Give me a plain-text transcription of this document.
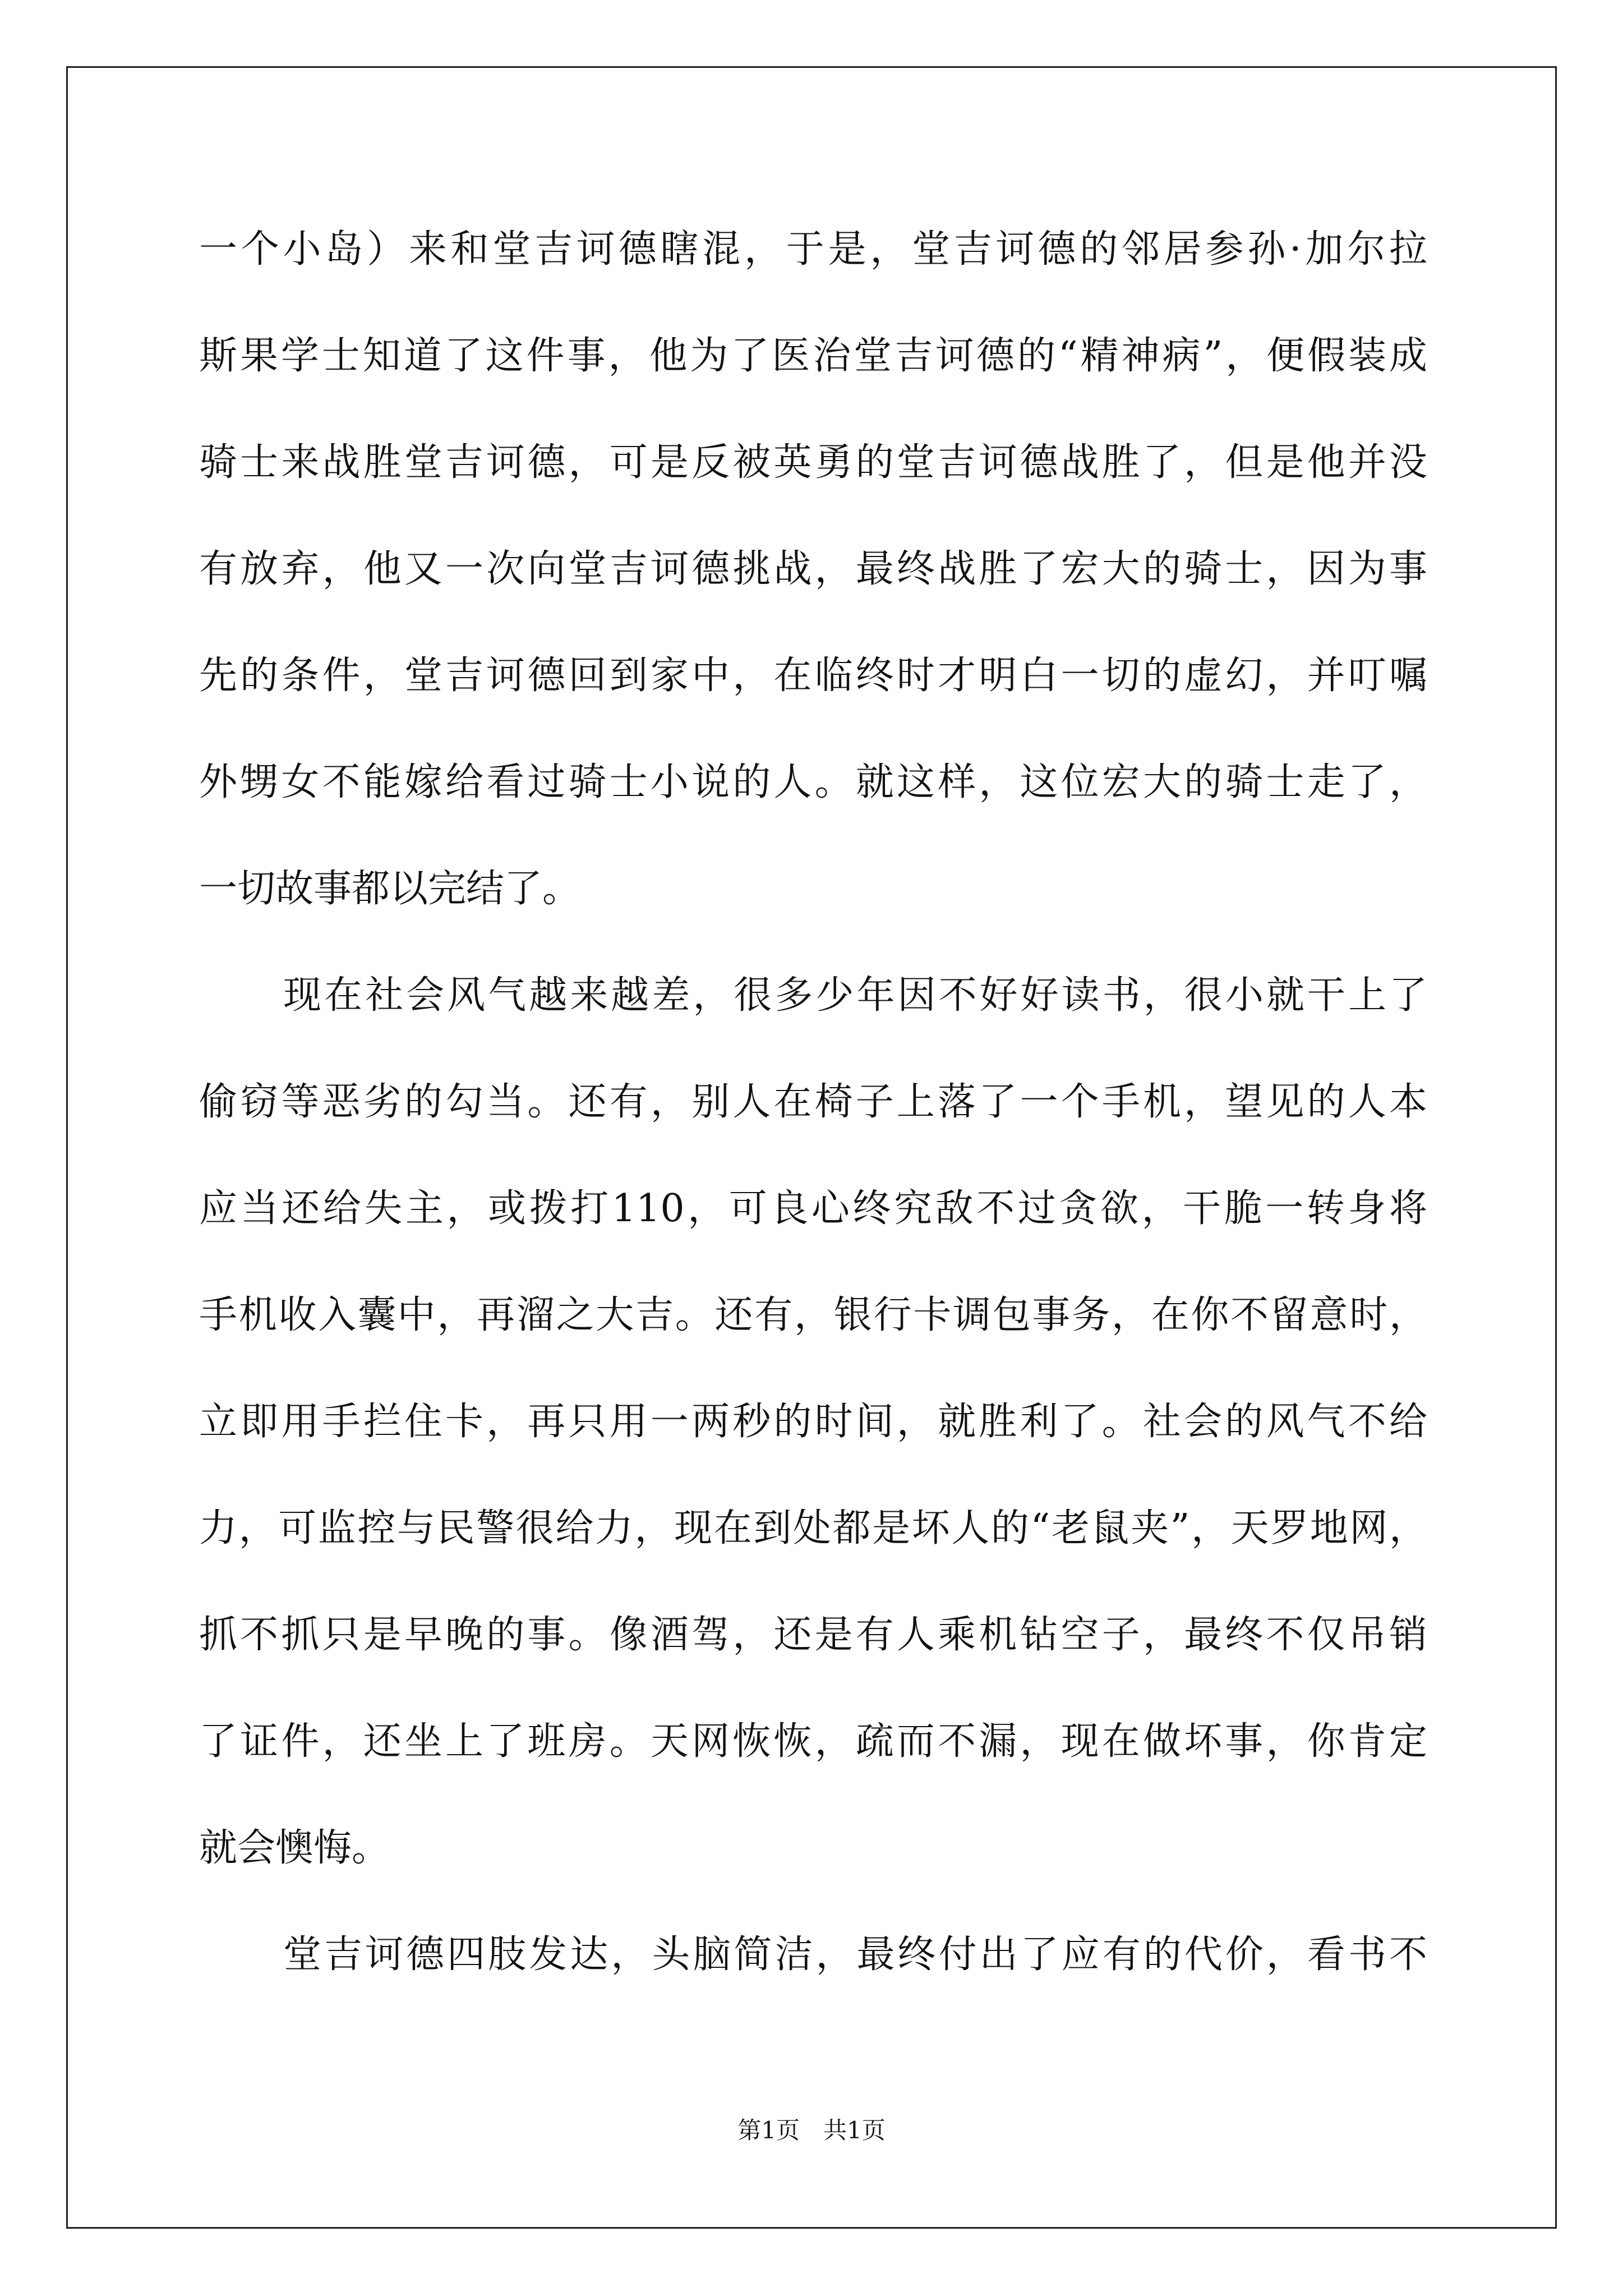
一个小岛）来和堂吉诃德瞎混，于是，堂吉诃德的邻居参孙·加尔拉
斯果学士知道了这件事，他为了医治堂吉诃德的“精神病”，便假装成
骑士来战胜堂吉诃德，可是反被英勇的堂吉诃德战胜了，但是他并没
有放弃，他又一次向堂吉诃德挑战，最终战胜了宏大的骑士，因为事
先的条件，堂吉诃德回到家中，在临终时才明白一切的虚幻，并叮嘱
外甥女不能嫁给看过骑士小说的人。就这样，这位宏大的骑士走了，
一切故事都以完结了。
现在社会风气越来越差，很多少年因不好好读书，很小就干上了
偷窃等恶劣的勾当。还有，别人在椅子上落了一个手机，望见的人本
应当还给失主，或拨打110，可良心终究敌不过贪欲，干脆一转身将
手机收入囊中，再溜之大吉。还有，银行卡调包事务，在你不留意时，
立即用手拦住卡，再只用一两秒的时间，就胜利了。社会的风气不给
力，可监控与民警很给力，现在到处都是坏人的“老鼠夹”，天罗地网，
抓不抓只是早晚的事。像酒驾，还是有人乘机钻空子，最终不仅吊销
了证件，还坐上了班房。天网恢恢，疏而不漏，现在做坏事，你肯定
就会懊悔。
堂吉诃德四肢发达，头脑简洁，最终付出了应有的代价，看书不
第1页　共1页
